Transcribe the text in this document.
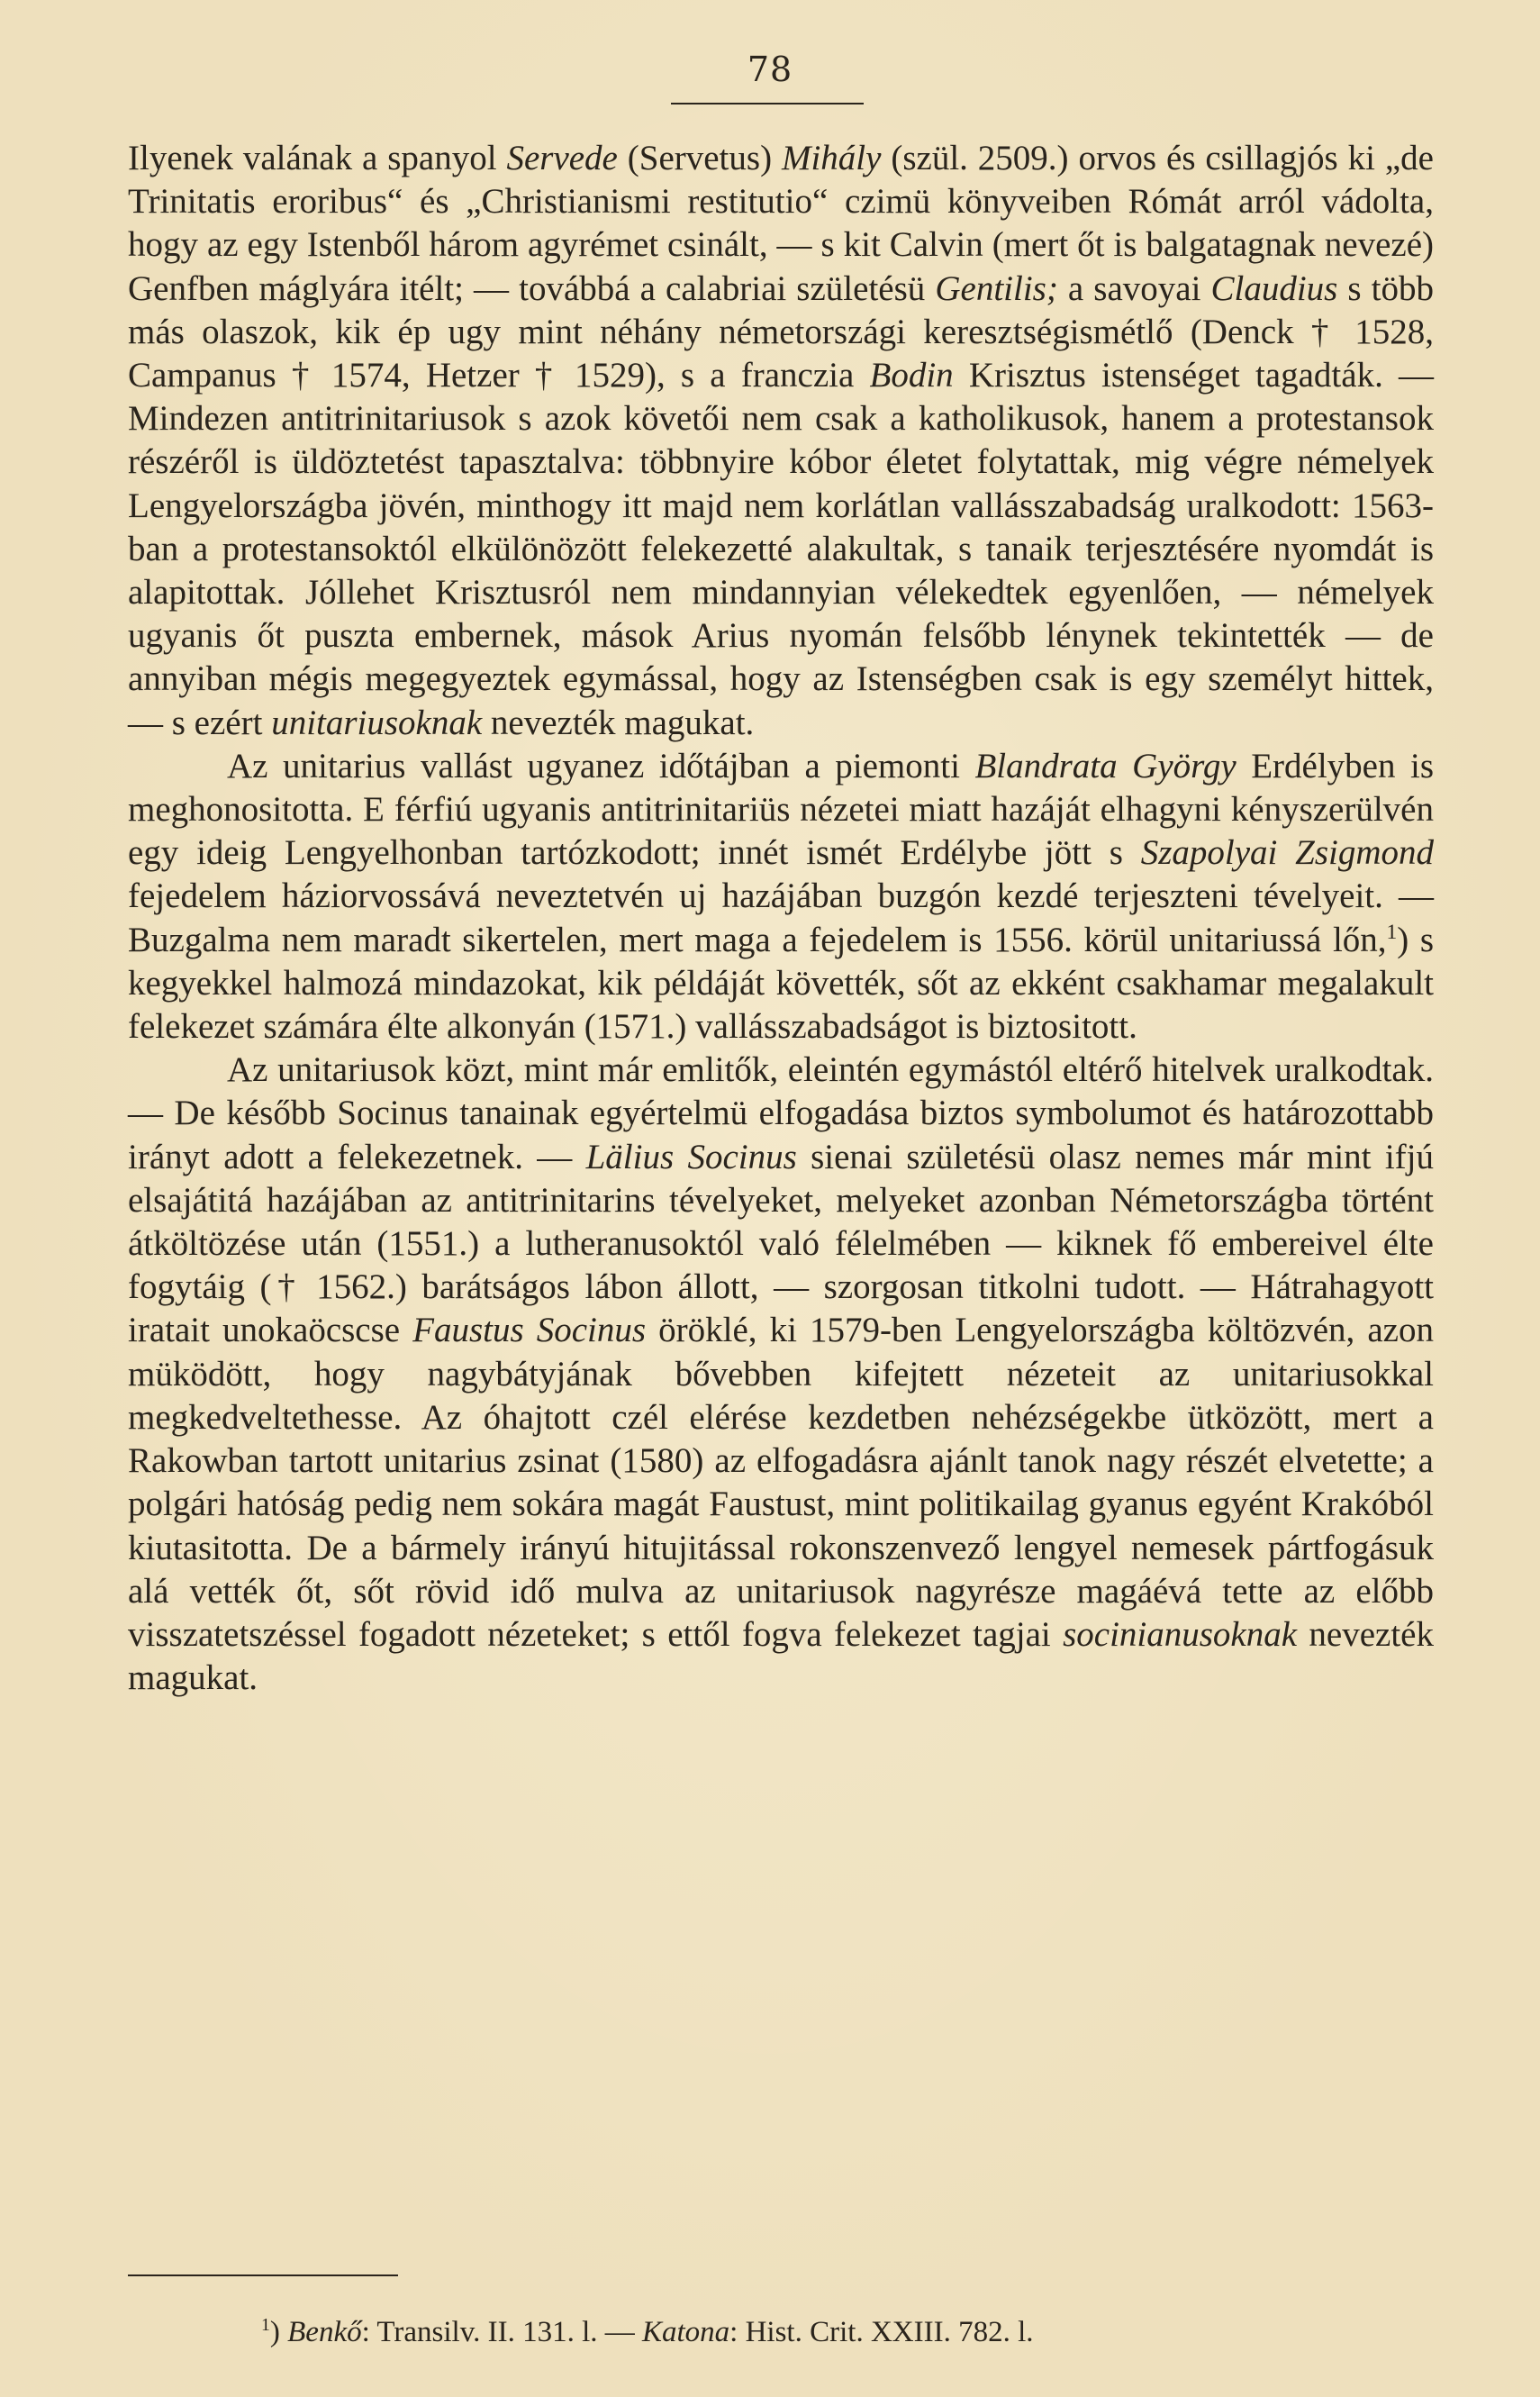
78

Ilyenek valának a spanyol Servede (Servetus) Mihály (szül. 2509.) orvos és csillagjós ki „de Trinitatis eroribus“ és „Christianismi restitutio“ czimü könyveiben Rómát arról vádolta, hogy az egy Istenből három agyrémet csinált, — s kit Calvin (mert őt is balgatagnak nevezé) Genfben máglyára itélt; — továbbá a calabriai születésü Gentilis; a savoyai Claudius s több más olaszok, kik ép ugy mint néhány németországi keresztségismétlő (Denck † 1528, Campanus † 1574, Hetzer † 1529), s a franczia Bodin Krisztus istenséget tagadták. — Mindezen antitrinitariusok s azok követői nem csak a katholikusok, hanem a protestansok részéről is üldöztetést tapasztalva: többnyire kóbor életet folytattak, mig végre némelyek Lengyelországba jövén, minthogy itt majd nem korlátlan vallásszabadság uralkodott: 1563-ban a protestansoktól elkülönözött felekezetté alakultak, s tanaik terjesztésére nyomdát is alapitottak. Jóllehet Krisztusról nem mindannyian vélekedtek egyenlően, — némelyek ugyanis őt puszta embernek, mások Arius nyomán felsőbb lénynek tekintették — de annyiban mégis megegyeztek egymással, hogy az Istenségben csak is egy személyt hittek, — s ezért unitariusoknak nevezték magukat.

Az unitarius vallást ugyanez időtájban a piemonti Blandrata György Erdélyben is meghonositotta. E férfiú ugyanis antitrinitariüs nézetei miatt hazáját elhagyni kényszerülvén egy ideig Lengyelhonban tartózkodott; innét ismét Erdélybe jött s Szapolyai Zsigmond fejedelem háziorvossává neveztetvén uj hazájában buzgón kezdé terjeszteni tévelyeit. — Buzgalma nem maradt sikertelen, mert maga a fejedelem is 1556. körül unitariussá lőn,$^1$) s kegyekkel halmozá mindazokat, kik példáját követték, sőt az ekként csakhamar megalakult felekezet számára élte alkonyán (1571.) vallásszabadságot is biztositott.

Az unitariusok közt, mint már emlitők, eleintén egymástól eltérő hitelvek uralkodtak. — De később Socinus tanainak egyértelmü elfogadása biztos symbolumot és határozottabb irányt adott a felekezetnek. — Lälius Socinus sienai születésü olasz nemes már mint ifjú elsajátitá hazájában az antitrinitarins tévelyeket, melyeket azonban Németországba történt átköltözése után (1551.) a lutheranusoktól való félelmében — kiknek fő embereivel élte fogytáig († 1562.) barátságos lábon állott, — szorgosan titkolni tudott. — Hátrahagyott iratait unokaöcscse Faustus Socinus öröklé, ki 1579-ben Lengyelországba költözvén, azon müködött, hogy nagybátyjának bővebben kifejtett nézeteit az unitariusokkal megkedveltethesse. Az óhajtott czél elérése kezdetben nehézségekbe ütközött, mert a Rakowban tartott unitarius zsinat (1580) az elfogadásra ajánlt tanok nagy részét elvetette; a polgári hatóság pedig nem sokára magát Faustust, mint politikailag gyanus egyént Krakóból kiutasitotta. De a bármely irányú hitujitással rokonszenvező lengyel nemesek pártfogásuk alá vették őt, sőt rövid idő mulva az unitariusok nagyrésze magáévá tette az előbb visszatetszéssel fogadott nézeteket; s ettől fogva felekezet tagjai socinianusoknak nevezték magukat.

$^1$) Benkő: Transilv. II. 131. l. — Katona: Hist. Crit. XXIII. 782. l.
